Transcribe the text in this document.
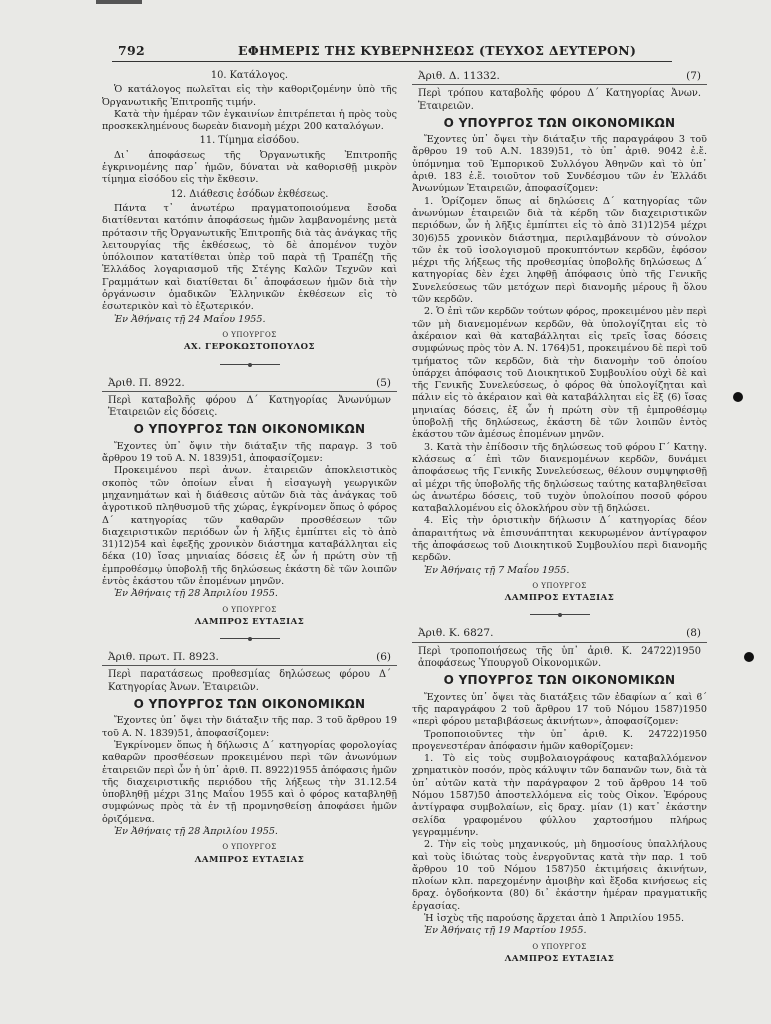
792	ΕΦΗΜΕΡΙΣ ΤΗΣ ΚΥΒΕΡΝΗΣΕΩΣ (ΤΕΥΧΟΣ ΔΕΥΤΕΡΟΝ)
10. Κατάλογος.

Ὁ κατάλογος πωλεῖται εἰς τὴν καθοριζομένην ὑπὸ τῆς Ὀργανωτικῆς Ἐπιτροπῆς τιμήν.

Κατὰ τὴν ἡμέραν τῶν ἐγκαινίων ἐπιτρέπεται ἡ πρὸς τοὺς προσκεκλημένους δωρεὰν διανομὴ μέχρι 200 καταλόγων.

11. Τίμημα εἰσόδου.

Δι᾽ ἀποφάσεως τῆς Ὀργανωτικῆς Ἐπιτροπῆς ἐγκρινομένης παρ᾽ ἡμῶν, δύναται νὰ καθορισθῇ μικρὸν τίμημα εἰσόδου εἰς τὴν ἔκθεσιν.

12. Διάθεσις ἐσόδων ἐκθέσεως.

Πάντα τ᾽ ἀνωτέρω πραγματοποιούμενα ἔσοδα διατίθενται κατόπιν ἀποφάσεως ἡμῶν λαμβανομένης μετὰ πρότασιν τῆς Ὀργανωτικῆς Ἐπιτροπῆς διὰ τὰς ἀνάγκας τῆς λειτουργίας τῆς ἐκθέσεως, τὸ δὲ ἀπομένον τυχὸν ὑπόλοιπον κατατίθεται ὑπὲρ τοῦ παρὰ τῇ Τραπέζῃ τῆς Ἑλλάδος λογαριασμοῦ τῆς Στέγης Καλῶν Τεχνῶν καὶ Γραμμάτων καὶ διατίθεται δι᾽ ἀποφάσεων ἡμῶν διὰ τὴν ὀργάνωσιν ὁμαδικῶν Ἑλληνικῶν ἐκθέσεων εἰς τὸ ἐσωτερικὸν καὶ τὸ ἐξωτερικόν.

Ἐν Ἀθήναις τῇ 24 Μαΐου 1955.

Ο ΥΠΟΥΡΓΟΣ
ΑΧ. ΓΕΡΟΚΩΣΤΟΠΟΥΛΟΣ
Ἀριθ. Π. 8922.	(5)

Περὶ καταβολῆς φόρου Δ΄ Κατηγορίας Ἀνωνύμων Ἑταιρειῶν εἰς δόσεις.

Ο ΥΠΟΥΡΓΟΣ ΤΩΝ ΟΙΚΟΝΟΜΙΚΩΝ

Ἔχοντες ὑπ᾽ ὄψιν τὴν διάταξιν τῆς παραγρ. 3 τοῦ ἄρθρου 19 τοῦ Α. Ν. 1839)51, ἀποφασίζομεν:

Προκειμένου περὶ ἀνων. ἑταιρειῶν ἀποκλειστικὸς σκοπὸς τῶν ὁποίων εἶναι ἡ εἰσαγωγὴ γεωργικῶν μηχανημάτων καὶ ἡ διάθεσις αὐτῶν διὰ τὰς ἀνάγκας τοῦ ἀγροτικοῦ πληθυσμοῦ τῆς χώρας, ἐγκρίνομεν ὅπως ὁ φόρος Δ΄ κατηγορίας τῶν καθαρῶν προσθέσεων τῶν διαχειριστικῶν περιόδων ὧν ἡ λῆξις ἐμπίπτει εἰς τὸ ἀπὸ 31)12)54 καὶ ἐφεξῆς χρονικὸν διάστημα καταβάλληται εἰς δέκα (10) ἴσας μηνιαίας δόσεις ἐξ ὧν ἡ πρώτη σὺν τῇ ἐμπροθέσμῳ ὑποβολῇ τῆς δηλώσεως ἑκάστη δὲ τῶν λοιπῶν ἐντὸς ἑκάστου τῶν ἑπομένων μηνῶν.

Ἐν Ἀθήναις τῇ 28 Ἀπριλίου 1955.

Ο ΥΠΟΥΡΓΟΣ
ΛΑΜΠΡΟΣ ΕΥΤΑΞΙΑΣ
Ἀριθ. πρωτ. Π. 8923.	(6)

Περὶ παρατάσεως προθεσμίας δηλώσεως φόρου Δ΄ Κατηγορίας Ἀνων. Ἑταιρειῶν.

Ο ΥΠΟΥΡΓΟΣ ΤΩΝ ΟΙΚΟΝΟΜΙΚΩΝ

Ἔχοντες ὑπ᾽ ὄψει τὴν διάταξιν τῆς παρ. 3 τοῦ ἄρθρου 19 τοῦ Α. Ν. 1839)51, ἀποφασίζομεν:

Ἐγκρίνομεν ὅπως ἡ δήλωσις Δ΄ κατηγορίας φορολογίας καθαρῶν προσθέσεων προκειμένου περὶ τῶν ἀνωνύμων ἑταιρειῶν περὶ ὧν ἡ ὑπ᾽ ἀριθ. Π. 8922)1955 ἀπόφασις ἡμῶν τῆς διαχειριστικῆς περιόδου τῆς λήξεως τὴν 31.12.54 ὑποβληθῇ μέχρι 31ης Μαΐου 1955 καὶ ὁ φόρος καταβληθῇ συμφώνως πρὸς τὰ ἐν τῇ προμνησθείσῃ ἀποφάσει ἡμῶν ὁριζόμενα.

Ἐν Ἀθήναις τῇ 28 Ἀπριλίου 1955.

Ο ΥΠΟΥΡΓΟΣ
ΛΑΜΠΡΟΣ ΕΥΤΑΞΙΑΣ
Ἀριθ. Δ. 11332.	(7)

Περὶ τρόπου καταβολῆς φόρου Δ΄ Κατηγορίας Ἀνων. Ἑταιρειῶν.

Ο ΥΠΟΥΡΓΟΣ ΤΩΝ ΟΙΚΟΝΟΜΙΚΩΝ

Ἔχοντες ὑπ᾽ ὄψει τὴν διάταξιν τῆς παραγράφου 3 τοῦ ἄρθρου 19 τοῦ Α.Ν. 1839)51, τὸ ὑπ᾽ ἀριθ. 9042 ἐ.ἔ. ὑπόμνημα τοῦ Ἐμπορικοῦ Συλλόγου Ἀθηνῶν καὶ τὸ ὑπ᾽ ἀριθ. 183 ἐ.ἔ. τοιοῦτον τοῦ Συνδέσμου τῶν ἐν Ἑλλάδι Ἀνωνύμων Ἑταιρειῶν, ἀποφασίζομεν:

1. Ὁρίζομεν ὅπως αἱ δηλώσεις Δ΄ κατηγορίας τῶν ἀνωνύμων ἑταιρειῶν διὰ τὰ κέρδη τῶν διαχειριστικῶν περιόδων, ὧν ἡ λῆξις ἐμπίπτει εἰς τὸ ἀπὸ 31)12)54 μέχρι 30)6)55 χρονικὸν διάστημα, περιλαμβάνουν τὸ σύνολον τῶν ἐκ τοῦ ἰσολογισμοῦ προκυπτόντων κερδῶν, ἐφόσον μέχρι τῆς λήξεως τῆς προθεσμίας ὑποβολῆς δηλώσεως Δ΄ κατηγορίας δὲν ἐχει ληφθῇ ἀπόφασις ὑπὸ τῆς Γενικῆς Συνελεύσεως τῶν μετόχων περὶ διανομῆς μέρους ἢ ὅλου τῶν κερδῶν.

2. Ὁ ἐπὶ τῶν κερδῶν τούτων φόρος, προκειμένου μὲν περὶ τῶν μὴ διανεμομένων κερδῶν, θὰ ὑπολογίζηται εἰς τὸ ἀκέραιον καὶ θὰ καταβάλληται εἰς τρεῖς ἴσας δόσεις συμφώνως πρὸς τὸν Α. Ν. 1764)51, προκειμένου δὲ περὶ τοῦ τμήματος τῶν κερδῶν, διὰ τὴν διανομὴν τοῦ ὁποίου ὑπάρχει ἀπόφασις τοῦ Διοικητικοῦ Συμβουλίου οὐχὶ δὲ καὶ τῆς Γενικῆς Συνελεύσεως, ὁ φόρος θὰ ὑπολογίζηται καὶ πάλιν εἰς τὸ ἀκέραιον καὶ θὰ καταβάλληται εἰς ἓξ (6) ἴσας μηνιαίας δόσεις, ἐξ ὧν ἡ πρώτη σὺν τῇ ἐμπροθέσμῳ ὑποβολῇ τῆς δηλώσεως, ἑκάστη δὲ τῶν λοιπῶν ἐντὸς ἑκάστου τῶν ἀμέσως ἑπομένων μηνῶν.

3. Κατὰ τὴν ἐπίδοσιν τῆς δηλώσεως τοῦ φόρου Γ΄ Κατηγ. κλάσεως α΄ ἐπὶ τῶν διανεμομένων κερδῶν, δυνάμει ἀποφάσεως τῆς Γενικῆς Συνελεύσεως, θέλουν συμψηφισθῇ αἱ μέχρι τῆς ὑποβολῆς τῆς δηλώσεως ταύτης καταβληθεῖσαι ὡς ἀνωτέρω δόσεις, τοῦ τυχὸν ὑπολοίπου ποσοῦ φόρου καταβαλλομένου εἰς ὁλοκλήρου σὺν τῇ δηλώσει.

4. Εἰς τὴν ὁριστικὴν δήλωσιν Δ΄ κατηγορίας δέον ἀπαραιτήτως νὰ ἐπισυνάπτηται κεκυρωμένον ἀντίγραφον τῆς ἀποφάσεως τοῦ Διοικητικοῦ Συμβουλίου περὶ διανομῆς κερδῶν.

Ἐν Ἀθήναις τῇ 7 Μαΐου 1955.

Ο ΥΠΟΥΡΓΟΣ
ΛΑΜΠΡΟΣ ΕΥΤΑΞΙΑΣ
Ἀριθ. Κ. 6827.	(8)

Περὶ τροποποιήσεως τῆς ὑπ᾽ ἀριθ. Κ. 24722)1950 ἀποφάσεως Ὑπουργοῦ Οἰκονομικῶν.

Ο ΥΠΟΥΡΓΟΣ ΤΩΝ ΟΙΚΟΝΟΜΙΚΩΝ

Ἔχοντες ὑπ᾽ ὄψει τὰς διατάξεις τῶν ἐδαφίων α΄ καὶ ϐ΄ τῆς παραγράφου 2 τοῦ ἄρθρου 17 τοῦ Νόμου 1587)1950 «περὶ φόρου μεταβιβάσεως ἀκινήτων», ἀποφασίζομεν:

Τροποποιοῦντες τὴν ὑπ᾽ ἀριθ. Κ. 24722)1950 προγενεστέραν ἀπόφασιν ἡμῶν καθορίζομεν:

1. Τὸ εἰς τοὺς συμβολαιογράφους καταβαλλόμενον χρηματικὸν ποσόν, πρὸς κάλυψιν τῶν δαπανῶν των, διὰ τὰ ὑπ᾽ αὐτῶν κατὰ τὴν παράγραφον 2 τοῦ ἄρθρου 14 τοῦ Νόμου 1587)50 ἀποστελλόμενα εἰς τοὺς Οἰκον. Ἐφόρους ἀντίγραφα συμβολαίων, εἰς δραχ. μίαν (1) κατ᾽ ἑκάστην σελίδα γραφομένου φύλλου χαρτοσήμου πλήρως γεγραμμένην.

2. Τὴν εἰς τοὺς μηχανικούς, μὴ δημοσίους ὑπαλλήλους καὶ τοὺς ἰδιώτας τοὺς ἐνεργοῦντας κατὰ τὴν παρ. 1 τοῦ ἄρθρου 10 τοῦ Νόμου 1587)50 ἐκτιμήσεις ἀκινήτων, πλοίων κλπ. παρεχομένην ἀμοιβὴν καὶ ἔξοδα κινήσεως εἰς δραχ. ὀγδοήκοντα (80) δι᾽ ἑκάστην ἡμέραν πραγματικῆς ἐργασίας.

Ἡ ἰσχὺς τῆς παρούσης ἄρχεται ἀπὸ 1 Ἀπριλίου 1955.

Ἐν Ἀθήναις τῇ 19 Μαρτίου 1955.

Ο ΥΠΟΥΡΓΟΣ
ΛΑΜΠΡΟΣ ΕΥΤΑΞΙΑΣ
